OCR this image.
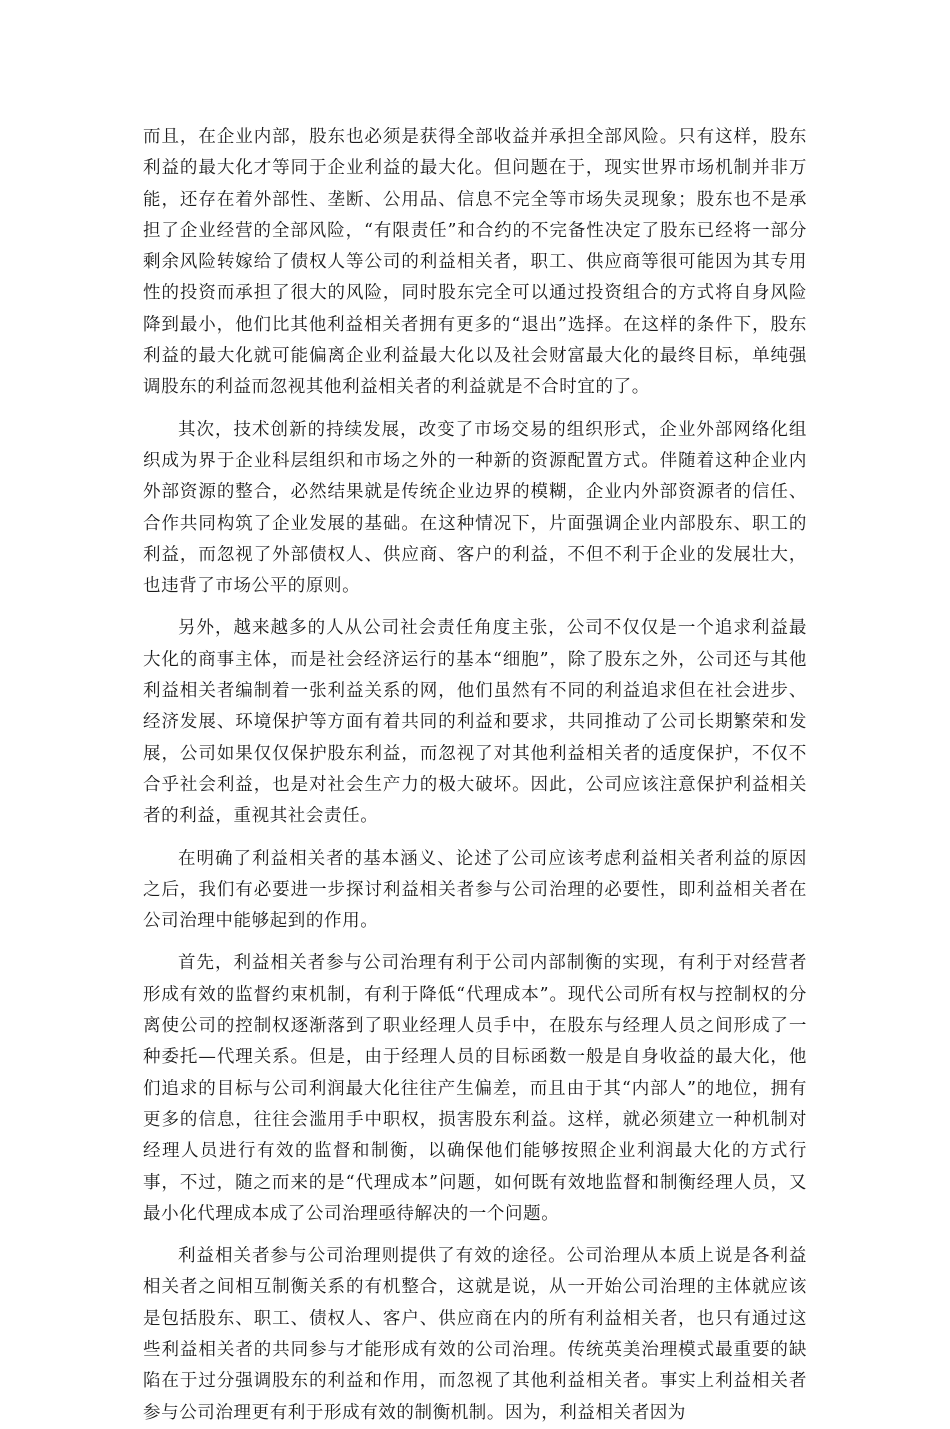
而且，在企业内部，股东也必须是获得全部收益并承担全部风险。只有这样，股东利益的最大化才等同于企业利益的最大化。但问题在于，现实世界市场机制并非万能，还存在着外部性、垄断、公用品、信息不完全等市场失灵现象；股东也不是承担了企业经营的全部风险，“有限责任”和合约的不完备性决定了股东已经将一部分剩余风险转嫁给了债权人等公司的利益相关者，职工、供应商等很可能因为其专用性的投资而承担了很大的风险，同时股东完全可以通过投资组合的方式将自身风险降到最小，他们比其他利益相关者拥有更多的“退出”选择。在这样的条件下，股东利益的最大化就可能偏离企业利益最大化以及社会财富最大化的最终目标，单纯强调股东的利益而忽视其他利益相关者的利益就是不合时宜的了。

其次，技术创新的持续发展，改变了市场交易的组织形式，企业外部网络化组织成为界于企业科层组织和市场之外的一种新的资源配置方式。伴随着这种企业内外部资源的整合，必然结果就是传统企业边界的模糊，企业内外部资源者的信任、合作共同构筑了企业发展的基础。在这种情况下，片面强调企业内部股东、职工的利益，而忽视了外部债权人、供应商、客户的利益，不但不利于企业的发展壮大，也违背了市场公平的原则。

另外，越来越多的人从公司社会责任角度主张，公司不仅仅是一个追求利益最大化的商事主体，而是社会经济运行的基本“细胞”，除了股东之外，公司还与其他利益相关者编制着一张利益关系的网，他们虽然有不同的利益追求但在社会进步、经济发展、环境保护等方面有着共同的利益和要求，共同推动了公司长期繁荣和发展，公司如果仅仅保护股东利益，而忽视了对其他利益相关者的适度保护，不仅不合乎社会利益，也是对社会生产力的极大破坏。因此，公司应该注意保护利益相关者的利益，重视其社会责任。

在明确了利益相关者的基本涵义、论述了公司应该考虑利益相关者利益的原因之后，我们有必要进一步探讨利益相关者参与公司治理的必要性，即利益相关者在公司治理中能够起到的作用。

首先，利益相关者参与公司治理有利于公司内部制衡的实现，有利于对经营者形成有效的监督约束机制，有利于降低“代理成本”。现代公司所有权与控制权的分离使公司的控制权逐渐落到了职业经理人员手中，在股东与经理人员之间形成了一种委托—代理关系。但是，由于经理人员的目标函数一般是自身收益的最大化，他们追求的目标与公司利润最大化往往产生偏差，而且由于其“内部人”的地位，拥有更多的信息，往往会滥用手中职权，损害股东利益。这样，就必须建立一种机制对经理人员进行有效的监督和制衡，以确保他们能够按照企业利润最大化的方式行事，不过，随之而来的是“代理成本”问题，如何既有效地监督和制衡经理人员，又最小化代理成本成了公司治理亟待解决的一个问题。

利益相关者参与公司治理则提供了有效的途径。公司治理从本质上说是各利益相关者之间相互制衡关系的有机整合，这就是说，从一开始公司治理的主体就应该是包括股东、职工、债权人、客户、供应商在内的所有利益相关者，也只有通过这些利益相关者的共同参与才能形成有效的公司治理。传统英美治理模式最重要的缺陷在于过分强调股东的利益和作用，而忽视了其他利益相关者。事实上利益相关者参与公司治理更有利于形成有效的制衡机制。因为，利益相关者因为
